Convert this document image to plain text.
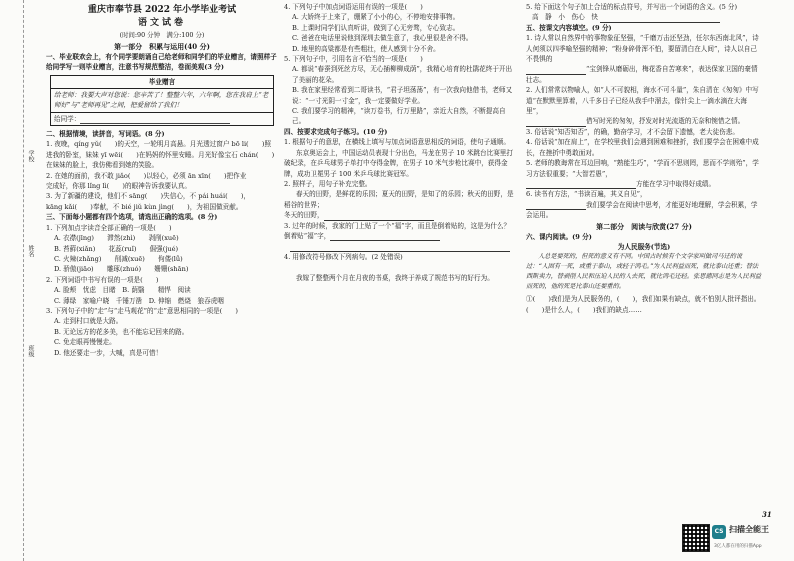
学校
姓名
班级
重庆市奉节县 2022 年小学毕业考试
语文试卷
(时间:90 分钟　满分:100 分)
第一部分　积累与运用(40 分)

一、毕业联欢会上，有个同学要朗诵自己给老师和同学们的毕业赠言，请照样子给同学写一则毕业赠言，注意书写规范整洁，卷面美观(3 分)

毕业赠言
给老师：我要大声对您说：您辛苦了！整整六年，六年啊，您在我肩上“老师好”与“老师再见”之间，把爱留给了我们！
给同学：

二、根据情境，读拼音，写词语。(8 分)

1. 夜晚，qíng yǔ(　　)的天空，一轮明月高悬。月光透过窗户 bō li(　　)照

进我的卧室，妹妹 yī wēi(　　)在妈妈的怀里安睡。月光好像宝石 chán(　　)

在妹妹的脸上，我仿佛看到她的笑脸。

2. 在她的面前，我不敢 jiǎo(　　)以轻心，必须 ān xīn(　　)把作业

完成好，你那 lǐng lì(　　)的眼神告诉我要认真。

3. 为了新疆的建设，他们不 sāng(　　)失信心，不 pái huái(　　)，

kāng kǎi(　　)奉献，不 bié jiǔ kùn jìng(　　)，为祖国做贡献。

三、下面每小题都有四个选项，请选出正确的选项。(8 分)

1. 下列加点字读音全部正确的一项是(　　)

A. 衣襟(jīng)　　滞然(zhì)　　剥削(xuē)

B. 苔藓(xiǎn)　　花蕊(ruǐ)　　倔强(jué)

C. 火辣(zhǎng)　　削减(xuē)　　佝偻(lǚ)

D. 骄傲(jiāo)　　雕琢(zhuó)　　姗姗(shān)

2. 下列词语中书写有误的一项是(　　)

A. 脸颊　忧虑　目睹　B. 荫翳　　精悍　阅读

C. 薄绿　家喻户晓　千锤万凿　D. 伸缩　燃烧　狼吞虎咽

3. 下列句子中的“走”与“走马观花”的“走”意思相同的一项是(　　)

A. 走到村口就是大路。

B. 无论远方的花多美，也不能忘记回来的路。

C. 免走眼再慢慢走。

D. 他还要走一步，大喊，真是可惜！

4. 下列句子中加点词语运用有误的一项是(　　)

A. 大娇终于上来了，绷紧了小小的心，不停地安排事物。

B. 上课时同学们认真听讲，做到了心无旁骛，专心致志。

C. 爸爸在电话里说他到深圳去做生意了，我心里很是舍不得。

D. 地里的高粱都是有些粗壮，使人感到十分不舍。

5. 下列句子中，引用名言不恰当的一项是(　　)

A. 都说“春蚕到死丝方尽，无心插柳柳成荫”，我精心培育的杜鹃花终于开出了美丽的花朵。

B. 我在家里经常看到二哥读书，“君子坦荡荡”，有一次我向他借书，老师又说：“一寸光阴一寸金”，我一定要做好学业。

C. 我们要学习的精神，“读万卷书，行万里路”，亲近大自然，不断提高自己。

四、按要求完成句子练习。(10 分)

1. 根据句子的意思，在横线上填写与加点词语意思相反的词语，使句子通顺。

东京奥运会上，中国运动员表现十分出色，马龙在男子 10 米跳台比赛里打破纪录，在乒乓球男子单打中夺得金牌，在男子 10 米气步枪比赛中，获得金牌，成功卫冕男子 100 米乒乓球比赛冠军。

2. 照样子，用句子补充完整。

春天的田野，是鲜花的乐园；夏天的田野，是知了的乐园；秋天的田野，是稻谷的世界；

冬天的田野，

3. 过年的时候，我家的门上贴了一个“福”字，而且是倒着贴的，这是为什么？

倒着贴“福”字，

4. 用修改符号修改下列病句。(2 处错误)

我嫁了整整两个月在月夜的书桌，我终于养成了规范书写的好行为。

5. 给下面这个句子加上合适的标点符号，并写出一个词语的含义。(5 分)

高　静　小　伤心　快

五、按课文内容填空。(9 分)

1. 诗人常以自然界中的事物象征坚强，“千磨万击还坚劲，任尔东西南北风”，诗人何须以四季喻坚强的精神；“粉身碎骨浑不怕，要留清白在人间”，诗人以自己不畏惧的

“宝剑锋从磨砺出，梅花香自苦寒来”，表达保家卫国的豪情壮志。

2. 人们常常以物喻人，如“人不可貌相，海水不可斗量”，朱自清在《匆匆》中写道“在默默里算着，八千多日子已经从我手中溜去，像针尖上一滴水滴在大海里”，

借写时光的匆匆，抒发对时光流逝的无奈和惋惜之情。

3. 俗话说“知否知否”，的确，勤奋学习，才不会留下遗憾，老大徒伤悲。

4. 俗话说“加在肩上”，在学校里我们会遇到困难和挫折，我们要学会在困难中成长，在挫折中勇敢面对。

5. 老师的教诲常在耳边回响，“熟能生巧”，“学而不思则罔，思而不学则殆”，学习方法很重要；“大智若愚”，

方能在学习中取得好成绩。

6. 读书有方法，“书读百遍，其义自见”，

我们要学会在阅读中思考，才能更好地理解，学会积累，学会运用。

第二部分　阅读与欣赏(27 分)

六、课内阅读。(9 分)

为人民服务(节选)

人总是要死的，但死的意义有不同。中国古时候有个文学家叫做司马迁的说过：“人固有一死，或重于泰山，或轻于鸿毛。”为人民利益而死，就比泰山还重；替法西斯卖力，替剥削人民和压迫人民的人去死，就比鸿毛还轻。张思德同志是为人民利益而死的，他的死是比泰山还要重的。

①(　　)我们是为人民服务的，(　　)，我们如果有缺点，就不怕别人批评指出。(　　)是什么人，(　　)我们的缺点……

31
CS 扫描全能王
3亿人都在用的扫描App
